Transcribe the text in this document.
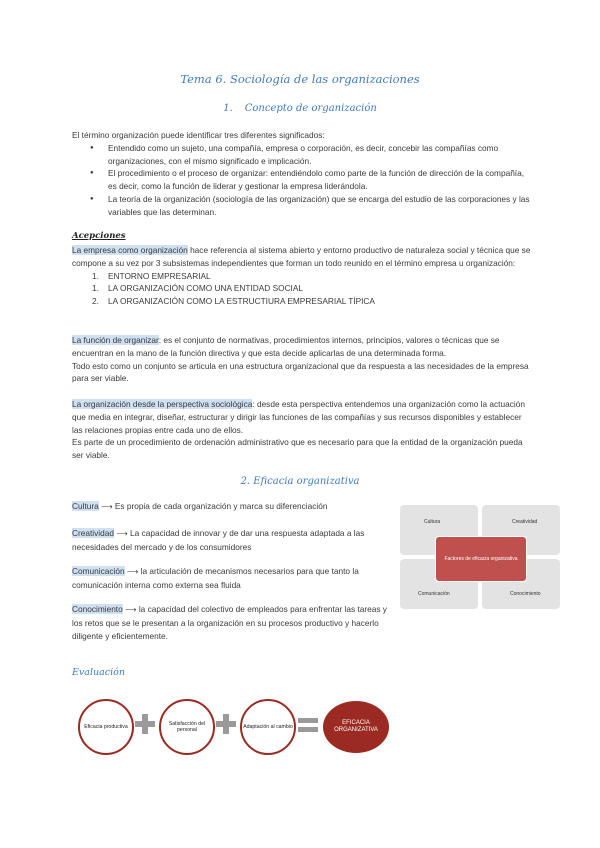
Tema 6. Sociología de las organizaciones
1. Concepto de organización
El término organización puede identificar tres diferentes significados:
● Entendido como un sujeto, una compañía, empresa o corporación, es decir, concebir las compañías como organizaciones, con el mismo significado e implicación.
● El procedimiento o el proceso de organizar: entendiéndolo como parte de la función de dirección de la compañía, es decir, como la función de liderar y gestionar la empresa liderándola.
● La teoría de la organización (sociología de las organización) que se encarga del estudio de las corporaciones y las variables que las determinan.
Acepciones
La empresa como organización hace referencia al sistema abierto y entorno productivo de naturaleza social y técnica que se compone a su vez por 3 subsistemas independientes que forman un todo reunido en el término empresa u organización:
1. ENTORNO EMPRESARIAL
1. LA ORGANIZACIÓN COMO UNA ENTIDAD SOCIAL
2. LA ORGANIZACIÓN COMO LA ESTRUCTIURA EMPRESARIAL TÍPICA
La función de organizar: es el conjunto de normativas, procedimientos internos, principios, valores o técnicas que se encuentran en la mano de la función directiva y que esta decide aplicarlas de una determinada forma.
Todo esto como un conjunto se articula en una estructura organizacional que da respuesta a las necesidades de la empresa para ser viable.
La organización desde la perspectiva sociológica: desde esta perspectiva entendemos una organización como la actuación que media en integrar, diseñar, estructurar y dirigir las funciones de las compañías y sus recursos disponibles y establecer las relaciones propias entre cada uno de ellos.
Es parte de un procedimiento de ordenación administrativo que es necesario para que la entidad de la organización pueda ser viable.
2. Eficacia organizativa
Cultura ⟶ Es propia de cada organización y marca su diferenciación
Creatividad ⟶ La capacidad de innovar y de dar una respuesta adaptada a las necesidades del mercado y de los consumidores
Comunicación ⟶ la articulación de mecanismos necesarios para que tanto la comunicación interna como externa sea fluida
Conocimiento ⟶ la capacidad del colectivo de empleados para enfrentar las tareas y los retos que se le presentan a la organización en su procesos productivo y hacerlo diligente y eficientemente.
Cultura	Creatividad
Comunicación	Conocimiento
Factores de eficacia organizativa
Evaluación
Eficacia productiva
Satisfacción del personal
Adaptación al cambio
EFICACIA ORGANIZATIVA
